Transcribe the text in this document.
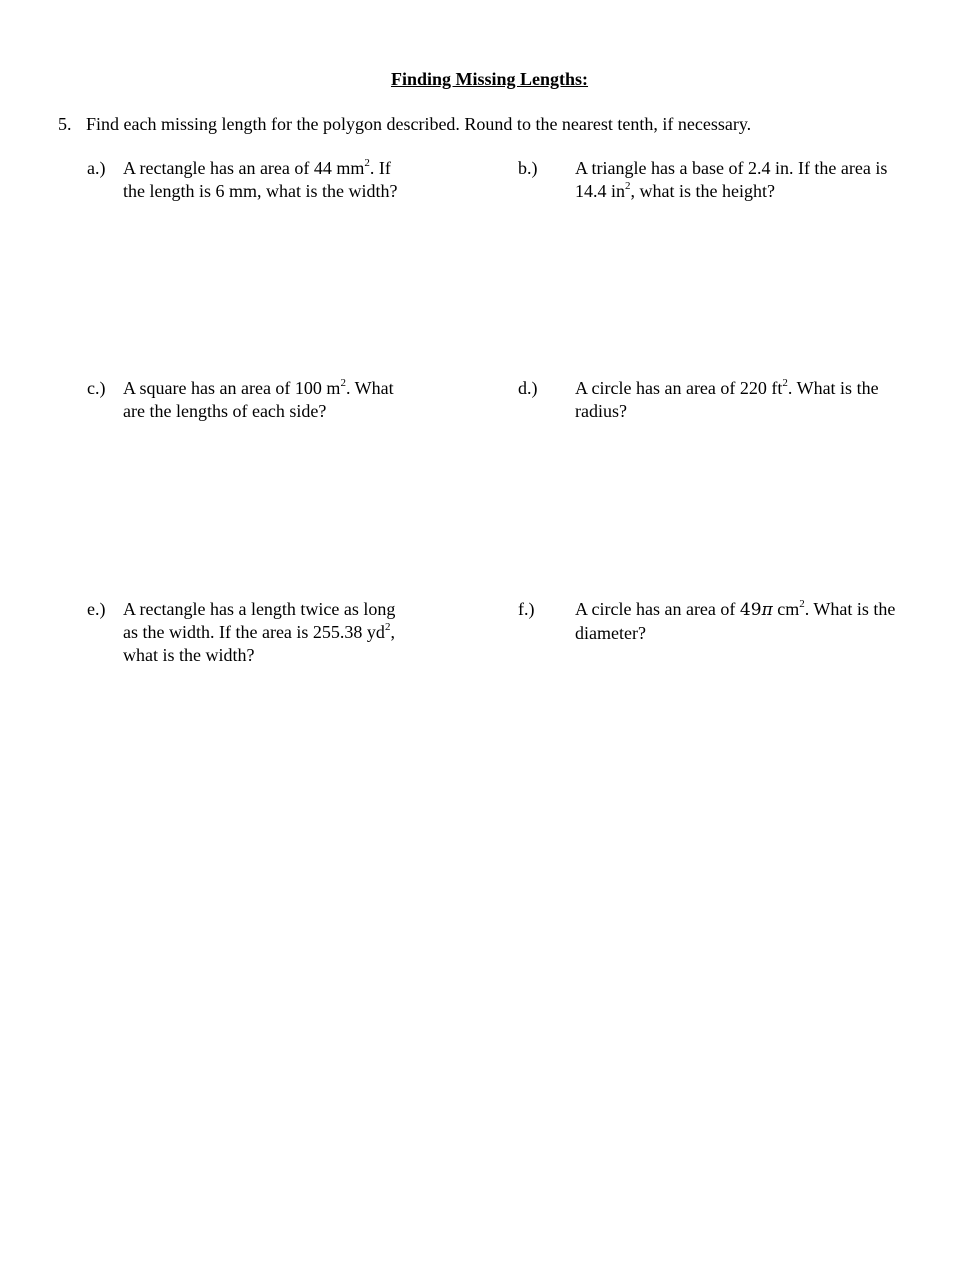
Finding Missing Lengths:
5. Find each missing length for the polygon described. Round to the nearest tenth, if necessary.
a.) A rectangle has an area of 44 $mm^2$. If
the length is 6 mm, what is the width?
b.) A triangle has a base of 2.4 in. If the area is
14.4 $in^2$, what is the height?
c.) A square has an area of 100 $m^2$. What
are the lengths of each side?
d.) A circle has an area of 220 $ft^2$. What is the
radius?
e.) A rectangle has a length twice as long
as the width. If the area is 255.38 $yd^2$,
what is the width?
f.) A circle has an area of 49π $cm^2$. What is the
diameter?
